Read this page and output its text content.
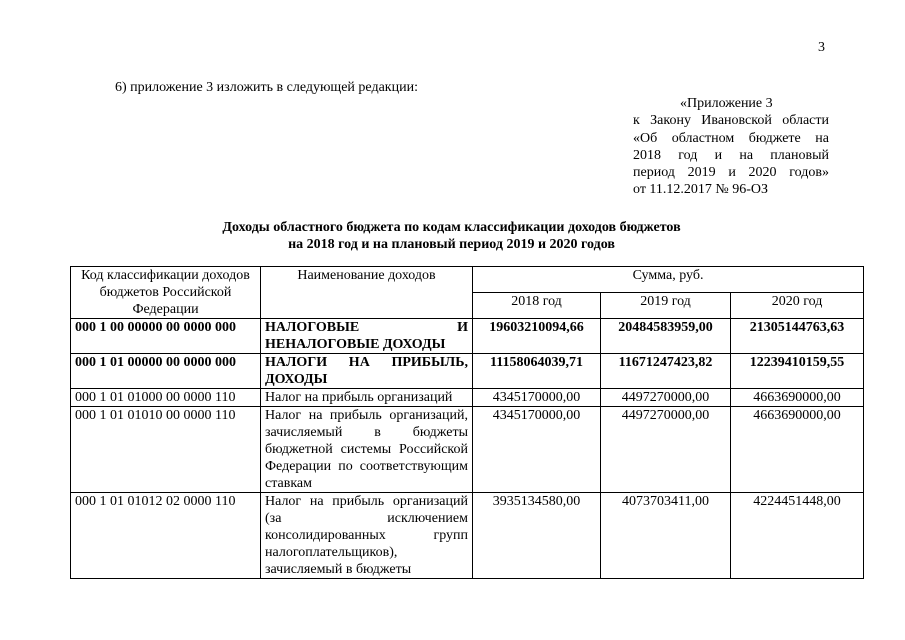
3
6) приложение 3 изложить в следующей редакции:
«Приложение 3
к Закону Ивановской области
«Об областном бюджете на
2018 год и на плановый
период 2019 и 2020 годов»
от 11.12.2017 № 96-ОЗ
Доходы областного бюджета по кодам классификации доходов бюджетов
на 2018 год и на плановый период 2019 и 2020 годов
Код классификации доходов бюджетов Российской Федерации	Наименование доходов	Сумма, руб.		
		2018 год	2019 год	2020 год
000 1 00 00000 00 0000 000	НАЛОГОВЫЕ И НЕНАЛОГОВЫЕ ДОХОДЫ	19603210094,66	20484583959,00	21305144763,63
000 1 01 00000 00 0000 000	НАЛОГИ НА ПРИБЫЛЬ, ДОХОДЫ	11158064039,71	11671247423,82	12239410159,55
000 1 01 01000 00 0000 110	Налог на прибыль организаций	4345170000,00	4497270000,00	4663690000,00
000 1 01 01010 00 0000 110	Налог на прибыль организаций, зачисляемый в бюджеты бюджетной системы Российской Федерации по соответствующим ставкам	4345170000,00	4497270000,00	4663690000,00
000 1 01 01012 02 0000 110	Налог на прибыль организаций (за исключением консолидированных групп налогоплательщиков), зачисляемый в бюджеты	3935134580,00	4073703411,00	4224451448,00
